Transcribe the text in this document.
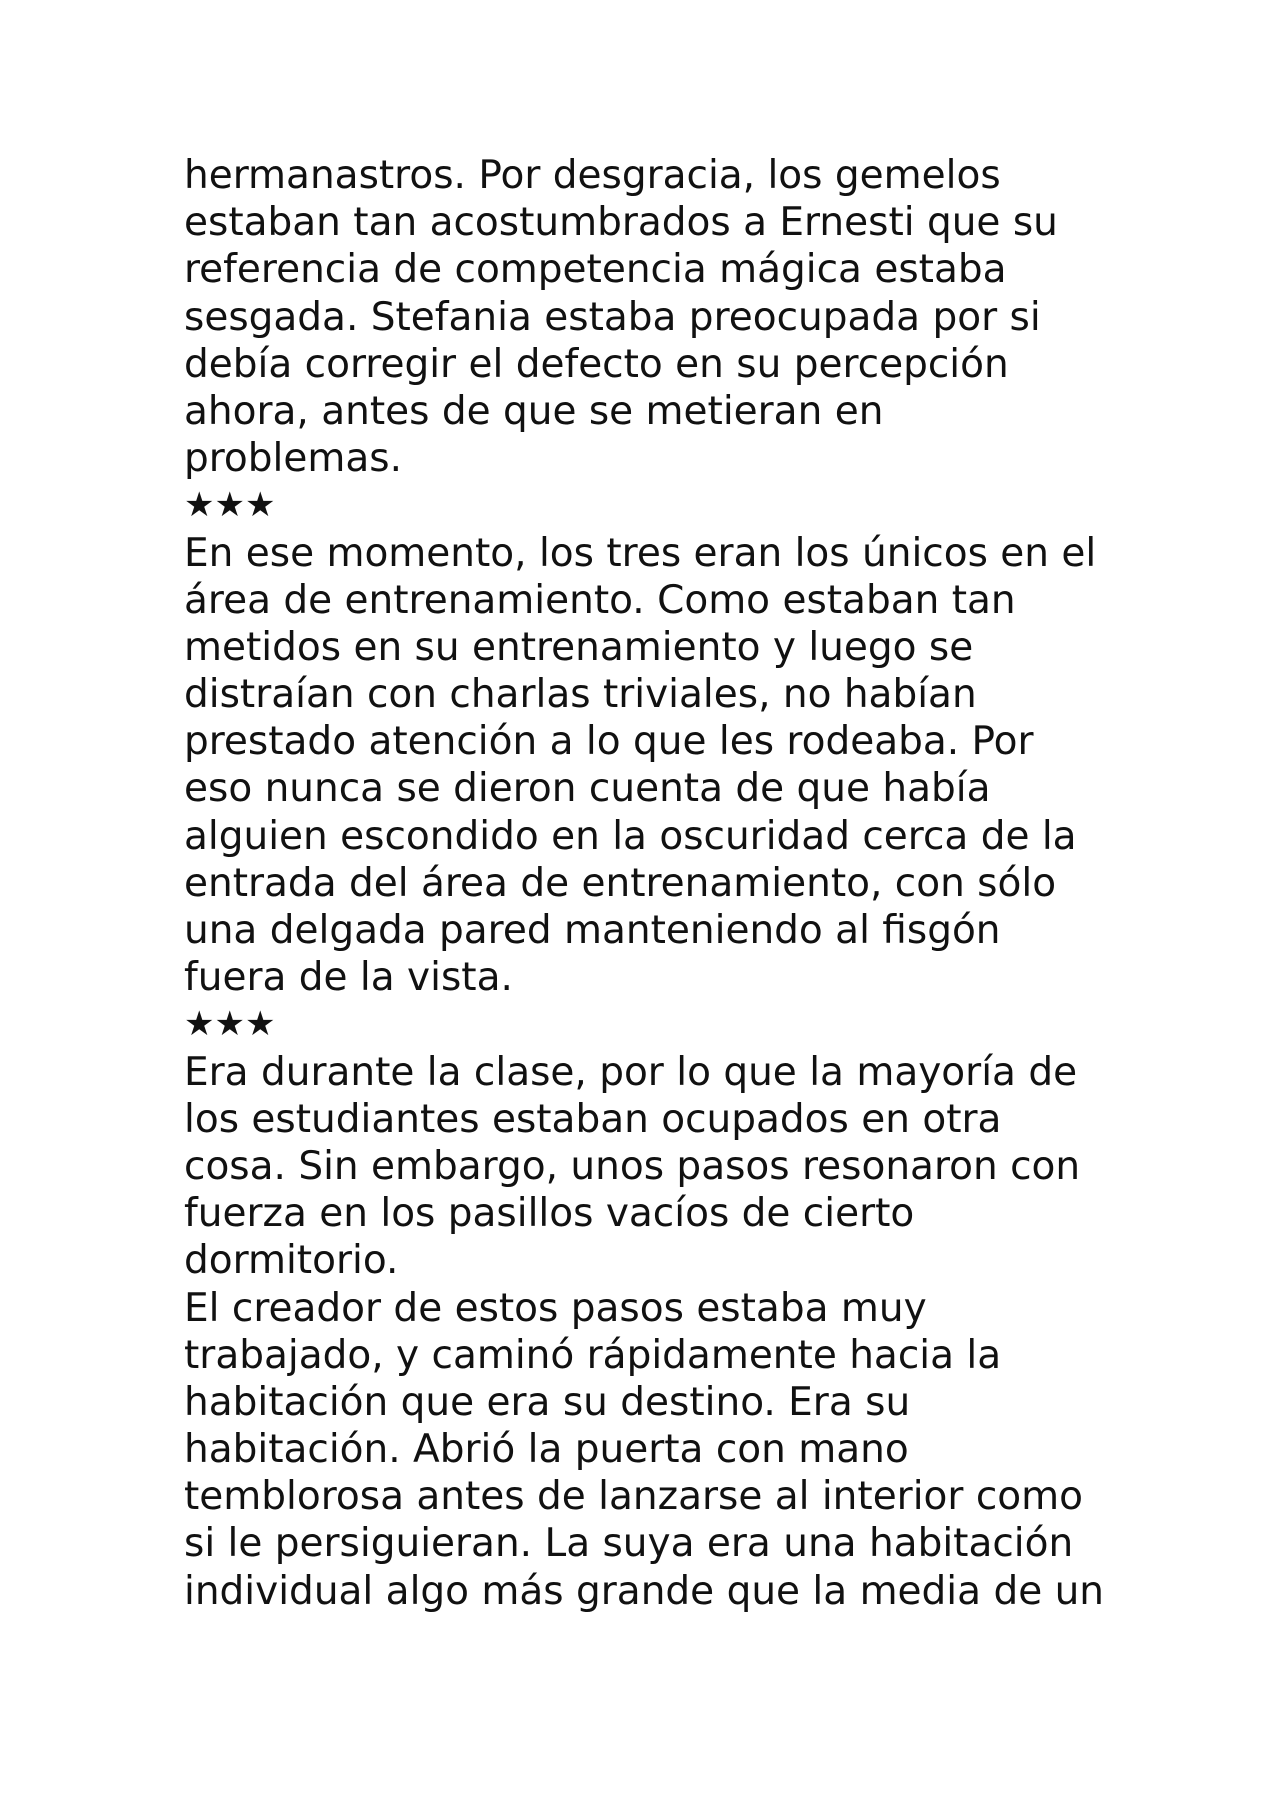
hermanastros. Por desgracia, los gemelos
estaban tan acostumbrados a Ernesti que su
referencia de competencia mágica estaba
sesgada. Stefania estaba preocupada por si
debía corregir el defecto en su percepción
ahora, antes de que se metieran en
problemas.
★★★
En ese momento, los tres eran los únicos en el
área de entrenamiento. Como estaban tan
metidos en su entrenamiento y luego se
distraían con charlas triviales, no habían
prestado atención a lo que les rodeaba. Por
eso nunca se dieron cuenta de que había
alguien escondido en la oscuridad cerca de la
entrada del área de entrenamiento, con sólo
una delgada pared manteniendo al fisgón
fuera de la vista.
★★★
Era durante la clase, por lo que la mayoría de
los estudiantes estaban ocupados en otra
cosa. Sin embargo, unos pasos resonaron con
fuerza en los pasillos vacíos de cierto
dormitorio.
El creador de estos pasos estaba muy
trabajado, y caminó rápidamente hacia la
habitación que era su destino. Era su
habitación. Abrió la puerta con mano
temblorosa antes de lanzarse al interior como
si le persiguieran. La suya era una habitación
individual algo más grande que la media de un
